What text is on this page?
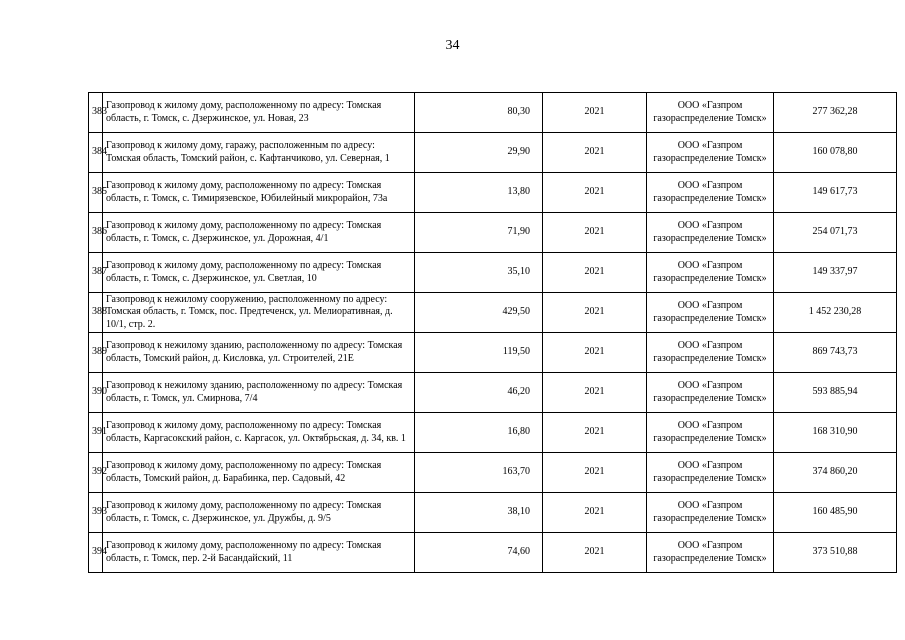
34
383	Газопровод к жилому дому, расположенному по адресу: Томская область, г. Томск, с. Дзержинское, ул. Новая, 23	80,30	2021	ООО «Газпром газораспределение Томск»	277 362,28
384	Газопровод к жилому дому, гаражу, расположенным по адресу: Томская область, Томский район, с. Кафтанчиково, ул. Северная, 1	29,90	2021	ООО «Газпром газораспределение Томск»	160 078,80
385	Газопровод к жилому дому, расположенному по адресу: Томская область, г. Томск, с. Тимирязевское, Юбилейный микрорайон, 73а	13,80	2021	ООО «Газпром газораспределение Томск»	149 617,73
386	Газопровод к жилому дому, расположенному по адресу: Томская область, г. Томск, с. Дзержинское, ул. Дорожная, 4/1	71,90	2021	ООО «Газпром газораспределение Томск»	254 071,73
387	Газопровод к жилому дому, расположенному по адресу: Томская область, г. Томск, с. Дзержинское, ул. Светлая, 10	35,10	2021	ООО «Газпром газораспределение Томск»	149 337,97
388	Газопровод к нежилому сооружению, расположенному по адресу: Томская область, г. Томск, пос. Предтеченск, ул. Мелиоративная, д. 10/1, стр. 2.	429,50	2021	ООО «Газпром газораспределение Томск»	1 452 230,28
389	Газопровод к нежилому зданию, расположенному по адресу: Томская область, Томский район, д. Кисловка, ул. Строителей, 21Е	119,50	2021	ООО «Газпром газораспределение Томск»	869 743,73
390	Газопровод к нежилому зданию, расположенному по адресу: Томская область, г. Томск, ул. Смирнова, 7/4	46,20	2021	ООО «Газпром газораспределение Томск»	593 885,94
391	Газопровод к жилому дому, расположенному по адресу: Томская область, Каргасокский район, с. Каргасок, ул. Октябрьская, д. 34, кв. 1	16,80	2021	ООО «Газпром газораспределение Томск»	168 310,90
392	Газопровод к жилому дому, расположенному по адресу: Томская область, Томский район, д. Барабинка, пер. Садовый, 42	163,70	2021	ООО «Газпром газораспределение Томск»	374 860,20
393	Газопровод к жилому дому, расположенному по адресу: Томская область, г. Томск, с. Дзержинское, ул. Дружбы, д. 9/5	38,10	2021	ООО «Газпром газораспределение Томск»	160 485,90
394	Газопровод к жилому дому, расположенному по адресу: Томская область, г. Томск, пер. 2-й Басандайский, 11	74,60	2021	ООО «Газпром газораспределение Томск»	373 510,88
